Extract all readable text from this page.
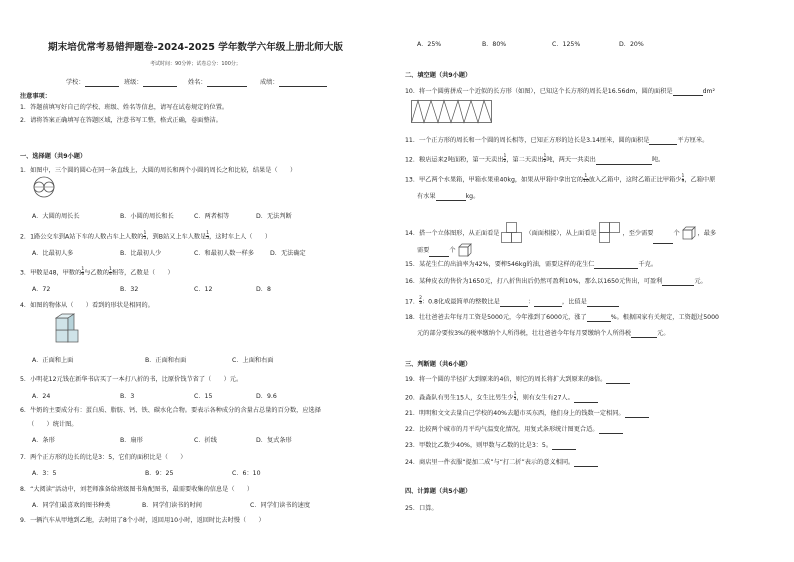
期末培优常考易错押题卷-2024-2025 学年数学六年级上册北师大版
考试时间：90分钟；试卷总分：100分；
学校：	班级：	姓名：	成绩：
注意事项：
1．答题前填写好自己的学校、班级、姓名等信息，请写在试卷规定的位置。
2．请将答案正确填写在答题区域，注意书写工整，格式正确，卷面整洁。
一、选择题（共9小题）
1．如图中，三个圆的圆心在同一条直线上，大圆的周长和两个小圆的周长之和比较，结果是（　　）
A．大圆的周长长	B．小圆的周长和长	C．两者相等	D．无法判断
2．1路公交车到A站下车的人数占车上人数的 $\frac{1}{5}$ ，到B站又上车人数是 $\frac{1}{5}$ ，这时车上人（　　）
A．比最初人多	B．比最初人少	C．和最初人数一样多	D．无法确定
3．甲数是48，甲数的 $\frac{1}{6}$ 与乙数的 $\frac{1}{4}$ 相等，乙数是（　　）
A．72	B．32	C．12	D．8
4．如图的物体从（　　）看到的形状是相同的。
A．正面和上面	B．正面和右面	C．上面和右面
5．小明花12元钱在新华书店买了一本打八折的书，比原价钱节省了（　　）元。
A．24	B．3	C．15	D．9.6
6．牛奶的主要成分有：蛋白质、脂肪、钙、铁、碳水化合物。要表示各种成分的含量占总量的百分数，应选择
（　　）统计图。
A．条形	B．扇形	C．折线	D．复式条形
7．两个正方形的边长的比是3：5，它们的面积比是（　　）
A．3：5	B．9：25	C．6：10
8．“大阅读”活动中，刘老师准备给班级图书角配图书，最需要收集的信息是（　　）
A．同学们最喜欢的图书种类	B．同学们读书的时间	C．同学们读书的速度
9．一辆汽车从甲地到乙地，去时用了8个小时，返回用10小时，返回时比去时慢（　　）
A．25%	B．80%	C．125%	D．20%
二、填空题（共9小题）
10．将一个圆剪拼成一个近似的长方形（如图），已知这个长方形的周长是16.56dm，圆的面积是	dm²
11．一个正方形的周长和一个圆的周长相等，已知正方形的边长是3.14厘米，圆的面积是	平方厘米。
12．粮店运来2吨面粉，第一天卖出 $\frac{1}{2}$ ，第二天卖出 $\frac{1}{2}$ 吨，两天一共卖出	吨。
13．甲乙两个水果箱，甲箱水果重40kg，如果从甲箱中拿出它的 $\frac{1}{10}$ 放入乙箱中，这时乙箱正比甲箱少 $\frac{1}{9}$ ，乙箱中原
有水果	kg。
14．搭一个立体图形，从正面看是	（面面相接），从上面看是	，至少需要	个	，最多
需要	个
15．某花生仁的出油率为42%，要榨546kg的油，需要这样的花生仁	千克。
16．某种皮衣的售价为1650元，打八折售出后仍然可盈利10%，那么以1650元售出，可盈利	元。
17． $\frac{2}{3}$ ：0.8化成最简单的整数比是	：	，比值是
18．壮壮爸爸去年每月工资是5000元，今年涨到了6000元，涨了	%。根据国家有关规定，工资超过5000
元的部分要按3%的税率缴纳个人所得税，壮壮爸爸今年每月要缴纳个人所得税	元。
三、判断题（共6小题）
19．将一个圆的半径扩大到原来的4倍，则它的周长将扩大到原来的8倍。
20．淼淼队有男生15人，女生比男生少 $\frac{1}{5}$ ，则有女生有27人。
21．明明和文文去量自己学校的40%去超市买东西，他们身上的钱数一定相同。
22．比较两个城市的月平均气温变化情况，用复式条形统计图更合适。
23．甲数比乙数少40%，则甲数与乙数的比是3：5。
24．商店里一件衣服“提加二成”与“打二折”表示的意义相同。
四、计算题（共5小题）
25．口算。
